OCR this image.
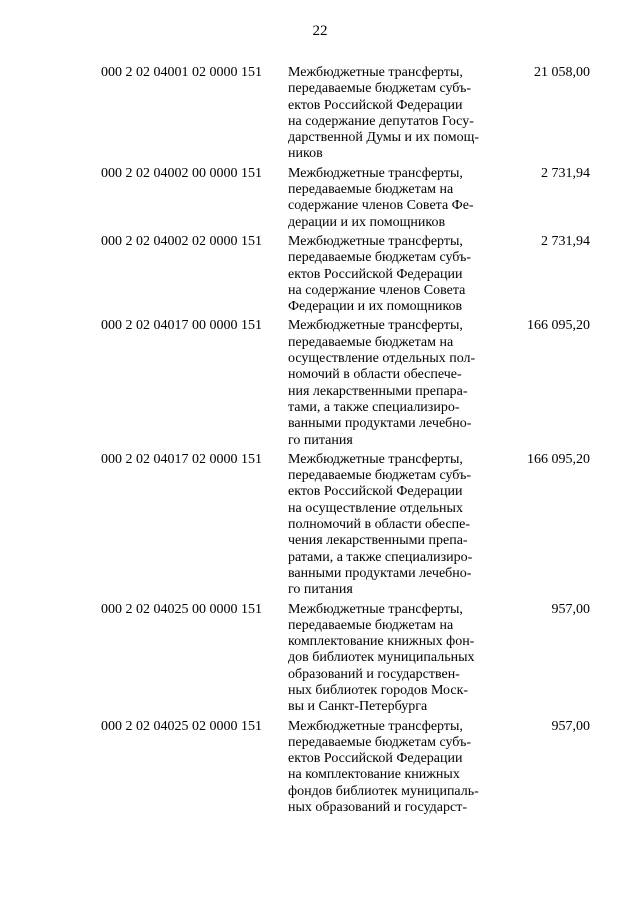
22
000 2 02 04001 02 0000 151 Межбюджетные трансферты,
передаваемые бюджетам субъ-
ектов Российской Федерации
на содержание депутатов Госу-
дарственной Думы и их помощ-
ников
21 058,00
000 2 02 04002 00 0000 151 Межбюджетные трансферты,
передаваемые бюджетам на
содержание членов Совета Фе-
дерации и их помощников
2 731,94
000 2 02 04002 02 0000 151 Межбюджетные трансферты,
передаваемые бюджетам субъ-
ектов Российской Федерации
на содержание членов Совета
Федерации и их помощников
2 731,94
000 2 02 04017 00 0000 151 Межбюджетные трансферты,
передаваемые бюджетам на
осуществление отдельных пол-
номочий в области обеспече-
ния лекарственными препара-
тами, а также специализиро-
ванными продуктами лечебно-
го питания
166 095,20
000 2 02 04017 02 0000 151 Межбюджетные трансферты,
передаваемые бюджетам субъ-
ектов Российской Федерации
на осуществление отдельных
полномочий в области обеспе-
чения лекарственными препа-
ратами, а также специализиро-
ванными продуктами лечебно-
го питания
166 095,20
000 2 02 04025 00 0000 151 Межбюджетные трансферты,
передаваемые бюджетам на
комплектование книжных фон-
дов библиотек муниципальных
образований и государствен-
ных библиотек городов Моск-
вы и Санкт-Петербурга
957,00
000 2 02 04025 02 0000 151 Межбюджетные трансферты,
передаваемые бюджетам субъ-
ектов Российской Федерации
на комплектование книжных
фондов библиотек муниципаль-
ных образований и государст-
957,00
